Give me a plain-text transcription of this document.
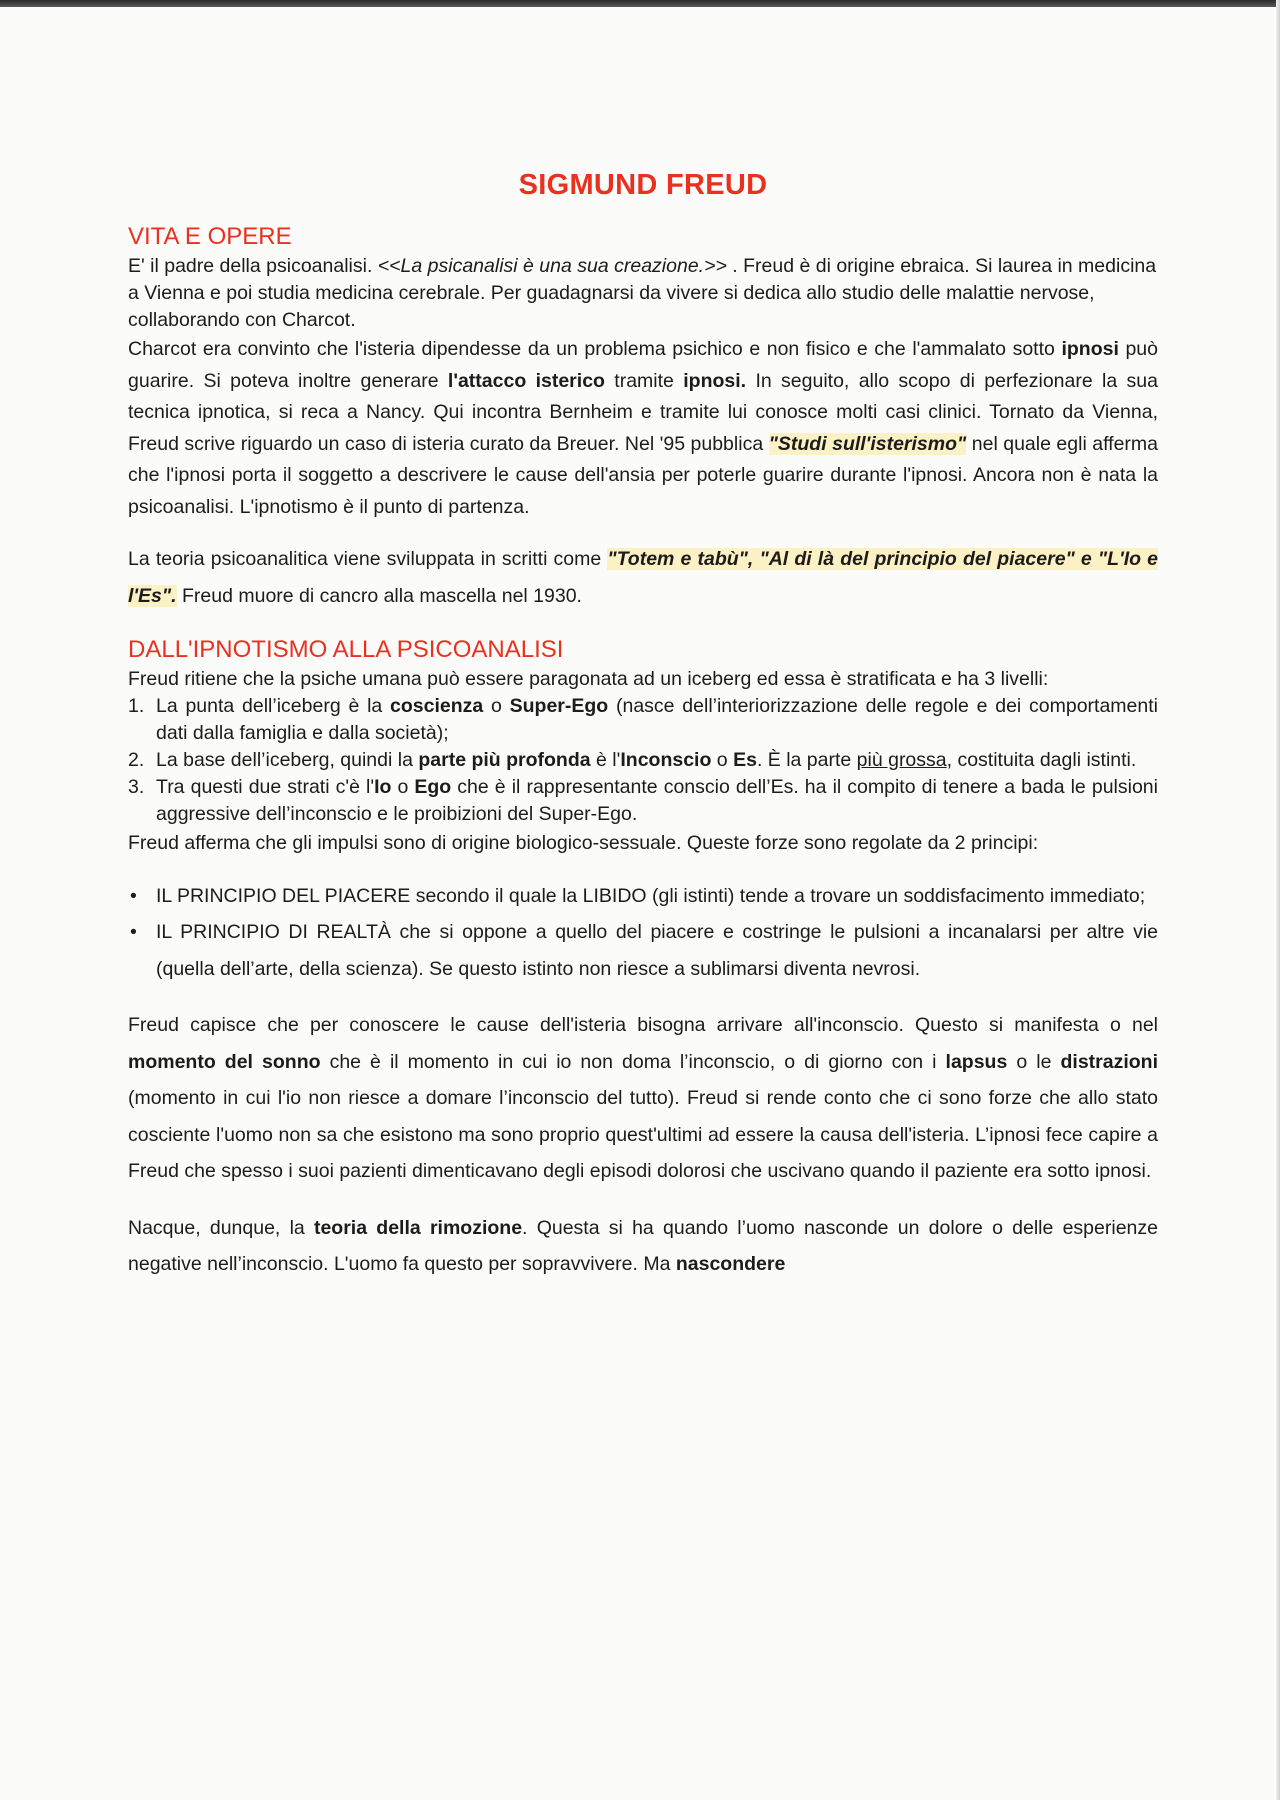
SIGMUND FREUD
VITA E OPERE

E' il padre della psicoanalisi. <<La psicanalisi è una sua creazione.>> . Freud è di origine ebraica. Si laurea in medicina a Vienna e poi studia medicina cerebrale. Per guadagnarsi da vivere si dedica allo studio delle malattie nervose, collaborando con Charcot.

Charcot era convinto che l'isteria dipendesse da un problema psichico e non fisico e che l'ammalato sotto ipnosi può guarire. Si poteva inoltre generare l'attacco isterico tramite ipnosi. In seguito, allo scopo di perfezionare la sua tecnica ipnotica, si reca a Nancy. Qui incontra Bernheim e tramite lui conosce molti casi clinici. Tornato da Vienna, Freud scrive riguardo un caso di isteria curato da Breuer. Nel '95 pubblica "Studi sull'isterismo" nel quale egli afferma che l'ipnosi porta il soggetto a descrivere le cause dell'ansia per poterle guarire durante l'ipnosi. Ancora non è nata la psicoanalisi. L'ipnotismo è il punto di partenza.

La teoria psicoanalitica viene sviluppata in scritti come "Totem e tabù", "Al di là del principio del piacere" e "L'Io e l'Es". Freud muore di cancro alla mascella nel 1930.

DALL'IPNOTISMO ALLA PSICOANALISI

Freud ritiene che la psiche umana può essere paragonata ad un iceberg ed essa è stratificata e ha 3 livelli:

1. La punta dell’iceberg è la coscienza o Super-Ego (nasce dell’interiorizzazione delle regole e dei comportamenti dati dalla famiglia e dalla società);
2. La base dell’iceberg, quindi la parte più profonda è l'Inconscio o Es. È la parte più grossa, costituita dagli istinti.
3. Tra questi due strati c'è l'Io o Ego che è il rappresentante conscio dell’Es. ha il compito di tenere a bada le pulsioni aggressive dell’inconscio e le proibizioni del Super-Ego.

Freud afferma che gli impulsi sono di origine biologico-sessuale. Queste forze sono regolate da 2 principi:

• IL PRINCIPIO DEL PIACERE secondo il quale la LIBIDO (gli istinti) tende a trovare un soddisfacimento immediato;
• IL PRINCIPIO DI REALTÀ che si oppone a quello del piacere e costringe le pulsioni a incanalarsi per altre vie (quella dell’arte, della scienza). Se questo istinto non riesce a sublimarsi diventa nevrosi.

Freud capisce che per conoscere le cause dell'isteria bisogna arrivare all'inconscio. Questo si manifesta o nel momento del sonno che è il momento in cui io non doma l’inconscio, o di giorno con i lapsus o le distrazioni (momento in cui l'io non riesce a domare l’inconscio del tutto). Freud si rende conto che ci sono forze che allo stato cosciente l'uomo non sa che esistono ma sono proprio quest'ultimi ad essere la causa dell'isteria. L’ipnosi fece capire a Freud che spesso i suoi pazienti dimenticavano degli episodi dolorosi che uscivano quando il paziente era sotto ipnosi.

Nacque, dunque, la teoria della rimozione. Questa si ha quando l’uomo nasconde un dolore o delle esperienze negative nell’inconscio. L'uomo fa questo per sopravvivere. Ma nascondere
